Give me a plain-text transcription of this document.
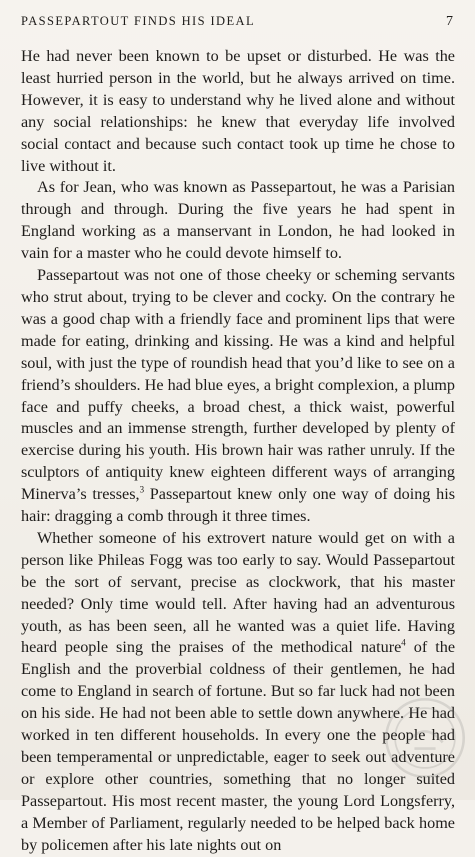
PASSEPARTOUT FINDS HIS IDEAL	7

He had never been known to be upset or disturbed. He was the least hurried person in the world, but he always arrived on time. However, it is easy to understand why he lived alone and without any social relationships: he knew that everyday life involved social contact and because such contact took up time he chose to live without it.

As for Jean, who was known as Passepartout, he was a Parisian through and through. During the five years he had spent in England working as a manservant in London, he had looked in vain for a master who he could devote himself to.

Passepartout was not one of those cheeky or scheming servants who strut about, trying to be clever and cocky. On the contrary he was a good chap with a friendly face and prominent lips that were made for eating, drinking and kissing. He was a kind and helpful soul, with just the type of roundish head that you’d like to see on a friend’s shoulders. He had blue eyes, a bright complexion, a plump face and puffy cheeks, a broad chest, a thick waist, powerful muscles and an immense strength, further developed by plenty of exercise during his youth. His brown hair was rather unruly. If the sculptors of antiquity knew eighteen different ways of arranging Minerva’s tresses,$^3$ Passepartout knew only one way of doing his hair: dragging a comb through it three times.

Whether someone of his extrovert nature would get on with a person like Phileas Fogg was too early to say. Would Passepartout be the sort of servant, precise as clockwork, that his master needed? Only time would tell. After having had an adventurous youth, as has been seen, all he wanted was a quiet life. Having heard people sing the praises of the methodical nature$^4$ of the English and the proverbial coldness of their gentlemen, he had come to England in search of fortune. But so far luck had not been on his side. He had not been able to settle down anywhere. He had worked in ten different households. In every one the people had been temperamental or unpredictable, eager to seek out adventure or explore other countries, something that no longer suited Passepartout. His most recent master, the young Lord Longsferry, a Member of Parliament, regularly needed to be helped back home by policemen after his late nights out on
